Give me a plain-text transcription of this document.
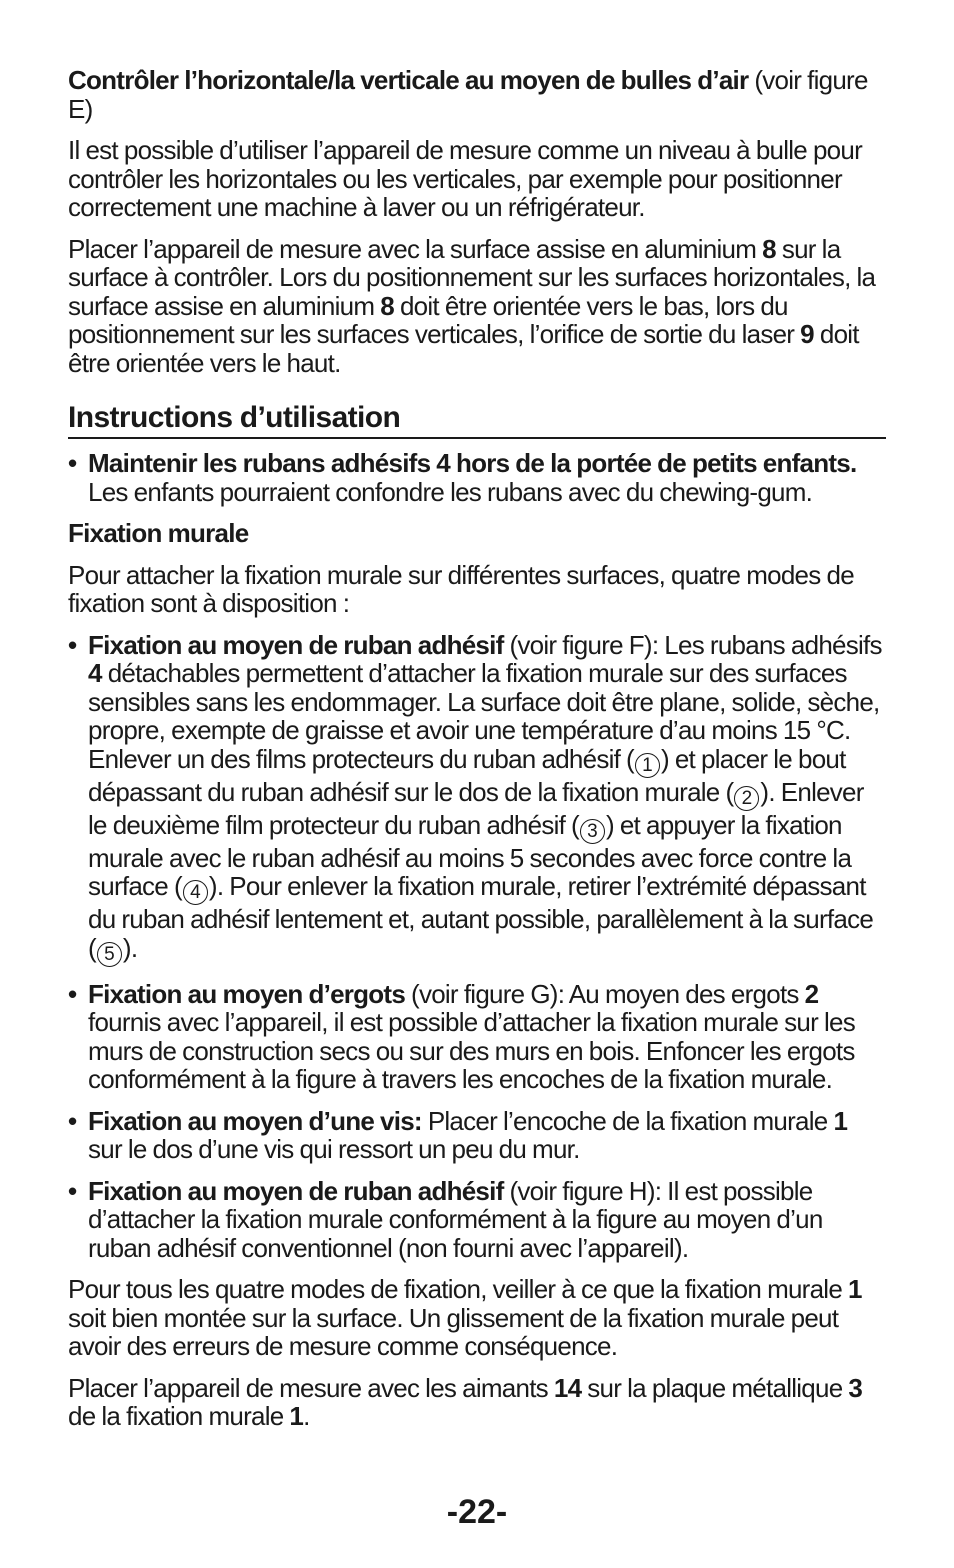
Contrôler l’horizontale/la verticale au moyen de bulles d’air (voir figure E)

Il est possible d’utiliser l’appareil de mesure comme un niveau à bulle pour contrôler les horizontales ou les verticales, par exemple pour positionner correctement une machine à laver ou un réfrigérateur.

Placer l’appareil de mesure avec la surface assise en aluminium 8 sur la surface à contrôler. Lors du positionnement sur les surfaces horizontales, la surface assise en aluminium 8 doit être orientée vers le bas, lors du positionnement sur les surfaces verticales, l’orifice de sortie du laser 9 doit être orientée vers le haut.

Instructions d’utilisation

• Maintenir les rubans adhésifs 4 hors de la portée de petits enfants. Les enfants pourraient confondre les rubans avec du chewing-gum.

Fixation murale

Pour attacher la fixation murale sur différentes surfaces, quatre modes de fixation sont à disposition :

• Fixation au moyen de ruban adhésif (voir figure F): Les rubans adhésifs 4 détachables permettent d’attacher la fixation murale sur des surfaces sensibles sans les endommager. La surface doit être plane, solide, sèche, propre, exempte de graisse et avoir une température d’au moins 15 °C. Enlever un des films protecteurs du ruban adhésif ( 1 ) et placer le bout dépassant du ruban adhésif sur le dos de la fixation murale ( 2 ). Enlever le deuxième film protecteur du ruban adhésif ( 3 ) et appuyer la fixation murale avec le ruban adhésif au moins 5 secondes avec force contre la surface ( 4 ). Pour enlever la fixation murale, retirer l’extrémité dépassant du ruban adhésif lentement et, autant possible, parallèlement à la surface ( 5 ).

• Fixation au moyen d’ergots (voir figure G): Au moyen des ergots 2 fournis avec l’appareil, il est possible d’attacher la fixation murale sur les murs de construction secs ou sur des murs en bois. Enfoncer les ergots conformément à la figure à travers les encoches de la fixation murale.

• Fixation au moyen d’une vis: Placer l’encoche de la fixation murale 1 sur le dos d’une vis qui ressort un peu du mur.

• Fixation au moyen de ruban adhésif (voir figure H): Il est possible d’attacher la fixation murale conformément à la figure au moyen d’un ruban adhésif conventionnel (non fourni avec l’appareil).

Pour tous les quatre modes de fixation, veiller à ce que la fixation murale 1 soit bien montée sur la surface. Un glissement de la fixation murale peut avoir des erreurs de mesure comme conséquence.

Placer l’appareil de mesure avec les aimants 14 sur la plaque métallique 3 de la fixation murale 1.

-22-
